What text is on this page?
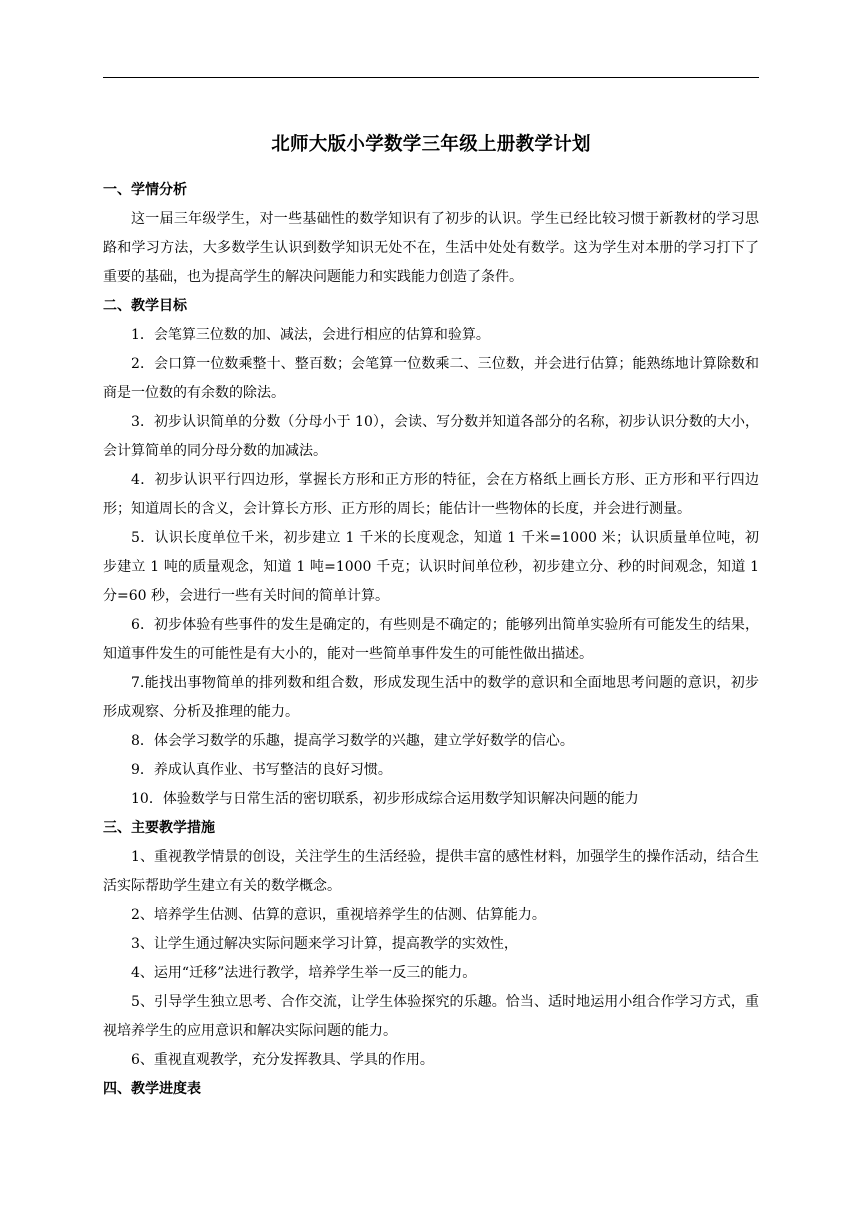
北师大版小学数学三年级上册教学计划
一、学情分析

这一届三年级学生，对一些基础性的数学知识有了初步的认识。学生已经比较习惯于新教材的学习思路和学习方法，大多数学生认识到数学知识无处不在，生活中处处有数学。这为学生对本册的学习打下了重要的基础，也为提高学生的解决问题能力和实践能力创造了条件。

二、教学目标

1．会笔算三位数的加、减法，会进行相应的估算和验算。

2．会口算一位数乘整十、整百数；会笔算一位数乘二、三位数，并会进行估算；能熟练地计算除数和商是一位数的有余数的除法。

3．初步认识简单的分数（分母小于 10），会读、写分数并知道各部分的名称，初步认识分数的大小，会计算简单的同分母分数的加减法。

4．初步认识平行四边形，掌握长方形和正方形的特征，会在方格纸上画长方形、正方形和平行四边形；知道周长的含义，会计算长方形、正方形的周长；能估计一些物体的长度，并会进行测量。

5．认识长度单位千米，初步建立 1 千米的长度观念，知道 1 千米=1000 米；认识质量单位吨，初步建立 1 吨的质量观念，知道 1 吨=1000 千克；认识时间单位秒，初步建立分、秒的时间观念，知道 1 分=60 秒，会进行一些有关时间的简单计算。

6．初步体验有些事件的发生是确定的，有些则是不确定的；能够列出简单实验所有可能发生的结果，知道事件发生的可能性是有大小的，能对一些简单事件发生的可能性做出描述。

7.能找出事物简单的排列数和组合数，形成发现生活中的数学的意识和全面地思考问题的意识，初步形成观察、分析及推理的能力。

8．体会学习数学的乐趣，提高学习数学的兴趣，建立学好数学的信心。

9．养成认真作业、书写整洁的良好习惯。

10．体验数学与日常生活的密切联系，初步形成综合运用数学知识解决问题的能力

三、主要教学措施

1、重视教学情景的创设，关注学生的生活经验，提供丰富的感性材料，加强学生的操作活动，结合生活实际帮助学生建立有关的数学概念。

2、培养学生估测、估算的意识，重视培养学生的估测、估算能力。

3、让学生通过解决实际问题来学习计算，提高教学的实效性，

4、运用“迁移”法进行教学，培养学生举一反三的能力。

5、引导学生独立思考、合作交流，让学生体验探究的乐趣。恰当、适时地运用小组合作学习方式，重视培养学生的应用意识和解决实际问题的能力。

6、重视直观教学，充分发挥教具、学具的作用。

四、教学进度表
